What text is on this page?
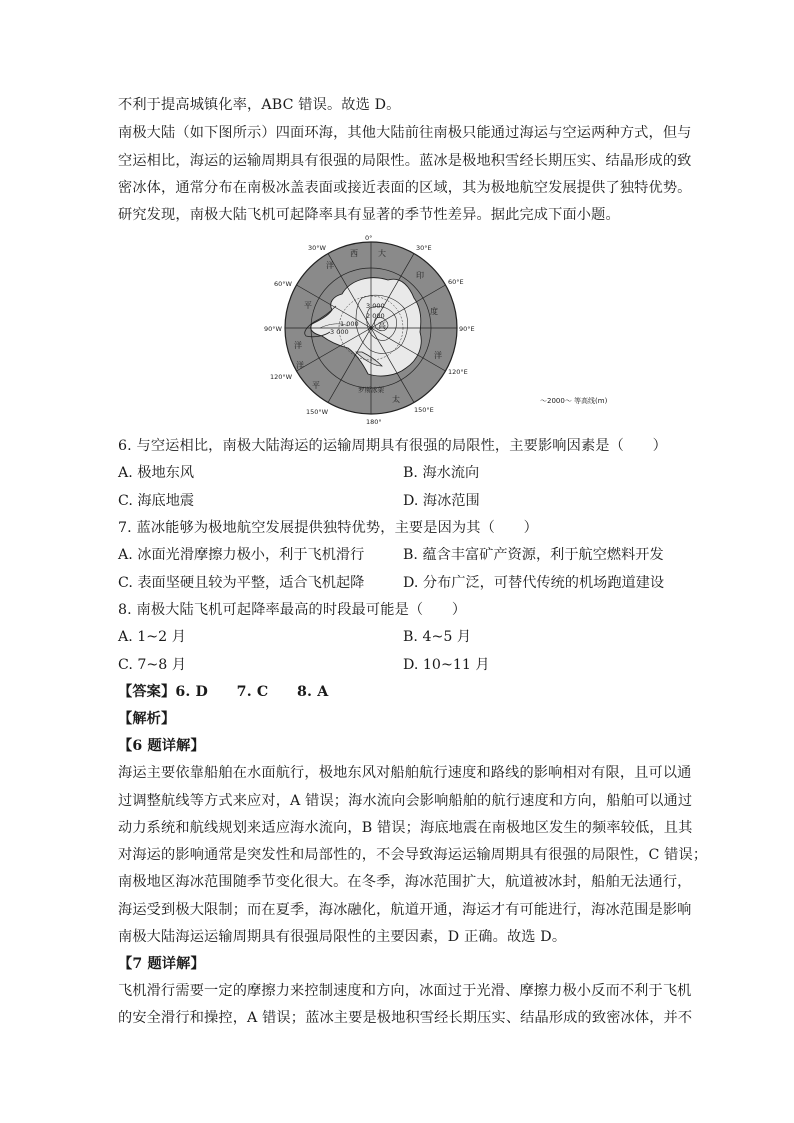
不利于提高城镇化率，ABC 错误。故选 D。
南极大陆（如下图所示）四面环海，其他大陆前往南极只能通过海运与空运两种方式，但与
空运相比，海运的运输周期具有很强的局限性。蓝冰是极地积雪经长期压实、结晶形成的致
密冰体，通常分布在南极冰盖表面或接近表面的区域，其为极地航空发展提供了独特优势。
研究发现，南极大陆飞机可起降率具有显著的季节性差异。据此完成下面小题。
0°
30°E
60°E
90°E
120°E
150°E
180°
150°W
120°W
90°W
60°W
30°W
大
西
洋
印
度
洋
太
平
洋
平
洋
罗斯冰架
3 000
2 000
1 000
3 000
高
～2000～ 等高线(m)
6. 与空运相比，南极大陆海运的运输周期具有很强的局限性，主要影响因素是（　　）
A. 极地东风	B. 海水流向
C. 海底地震	D. 海冰范围
7. 蓝冰能够为极地航空发展提供独特优势，主要是因为其（　　）
A. 冰面光滑摩擦力极小，利于飞机滑行	B. 蕴含丰富矿产资源，利于航空燃料开发
C. 表面坚硬且较为平整，适合飞机起降	D. 分布广泛，可替代传统的机场跑道建设
8. 南极大陆飞机可起降率最高的时段最可能是（　　）
A. 1~2 月	B. 4~5 月
C. 7~8 月	D. 10~11 月
【答案】6. D　　7. C　　8. A
【解析】
【6 题详解】
海运主要依靠船舶在水面航行，极地东风对船舶航行速度和路线的影响相对有限，且可以通
过调整航线等方式来应对，A 错误；海水流向会影响船舶的航行速度和方向，船舶可以通过
动力系统和航线规划来适应海水流向，B 错误；海底地震在南极地区发生的频率较低，且其
对海运的影响通常是突发性和局部性的，不会导致海运运输周期具有很强的局限性，C 错误；
南极地区海冰范围随季节变化很大。在冬季，海冰范围扩大，航道被冰封，船舶无法通行，
海运受到极大限制；而在夏季，海冰融化，航道开通，海运才有可能进行，海冰范围是影响
南极大陆海运运输周期具有很强局限性的主要因素，D 正确。故选 D。
【7 题详解】
飞机滑行需要一定的摩擦力来控制速度和方向，冰面过于光滑、摩擦力极小反而不利于飞机
的安全滑行和操控，A 错误；蓝冰主要是极地积雪经长期压实、结晶形成的致密冰体，并不
